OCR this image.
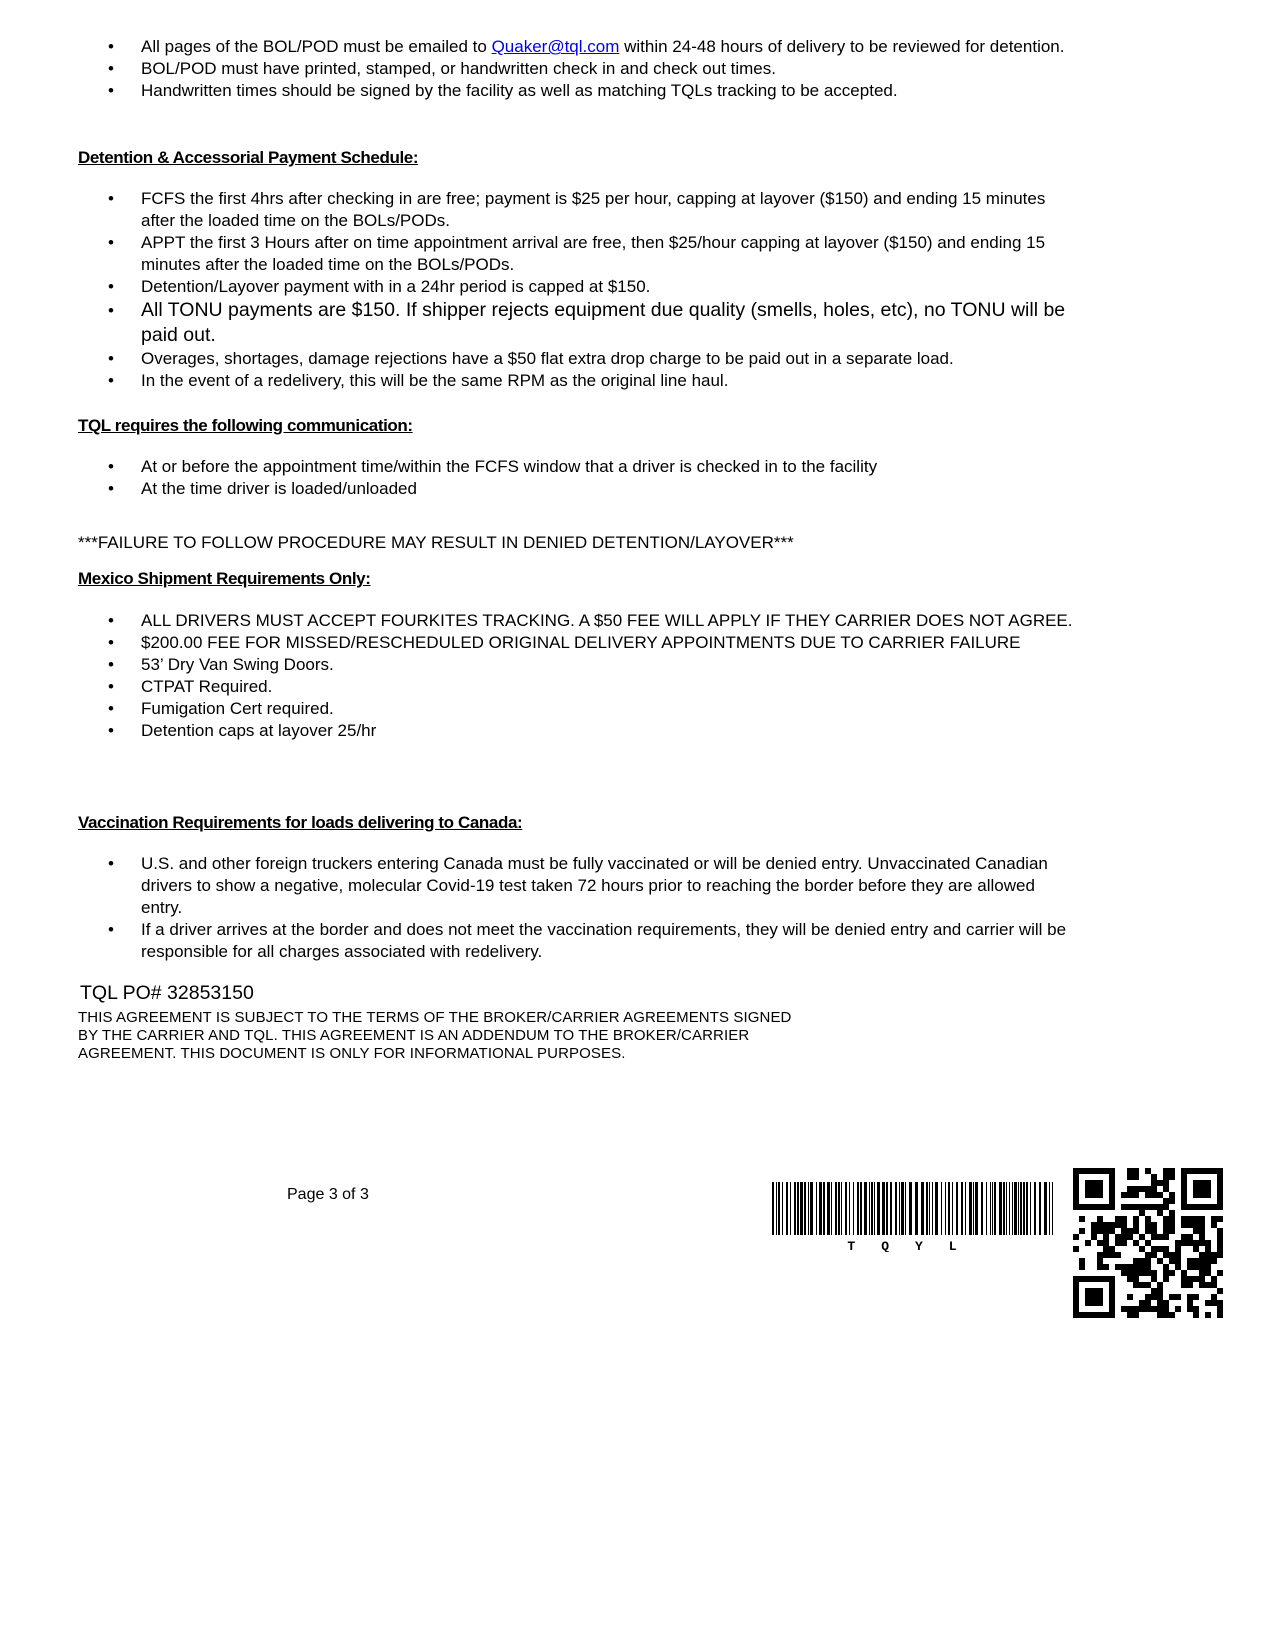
• All pages of the BOL/POD must be emailed to Quaker@tql.com within 24-48 hours of delivery to be reviewed for detention.
• BOL/POD must have printed, stamped, or handwritten check in and check out times.
• Handwritten times should be signed by the facility as well as matching TQLs tracking to be accepted.
Detention & Accessorial Payment Schedule:
• FCFS the first 4hrs after checking in are free; payment is $25 per hour, capping at layover ($150) and ending 15 minutes after the loaded time on the BOLs/PODs.
• APPT the first 3 Hours after on time appointment arrival are free, then $25/hour capping at layover ($150) and ending 15 minutes after the loaded time on the BOLs/PODs.
• Detention/Layover payment with in a 24hr period is capped at $150.
• All TONU payments are $150. If shipper rejects equipment due quality (smells, holes, etc), no TONU will be paid out.
• Overages, shortages, damage rejections have a $50 flat extra drop charge to be paid out in a separate load.
• In the event of a redelivery, this will be the same RPM as the original line haul.
TQL requires the following communication:
• At or before the appointment time/within the FCFS window that a driver is checked in to the facility
• At the time driver is loaded/unloaded
***FAILURE TO FOLLOW PROCEDURE MAY RESULT IN DENIED DETENTION/LAYOVER***
Mexico Shipment Requirements Only:
• ALL DRIVERS MUST ACCEPT FOURKITES TRACKING. A $50 FEE WILL APPLY IF THEY CARRIER DOES NOT AGREE.
• $200.00 FEE FOR MISSED/RESCHEDULED ORIGINAL DELIVERY APPOINTMENTS DUE TO CARRIER FAILURE
• 53’ Dry Van Swing Doors.
• CTPAT Required.
• Fumigation Cert required.
• Detention caps at layover 25/hr
Vaccination Requirements for loads delivering to Canada:
• U.S. and other foreign truckers entering Canada must be fully vaccinated or will be denied entry. Unvaccinated Canadian drivers to show a negative, molecular Covid-19 test taken 72 hours prior to reaching the border before they are allowed entry.
• If a driver arrives at the border and does not meet the vaccination requirements, they will be denied entry and carrier will be responsible for all charges associated with redelivery.
TQL PO# 32853150
THIS AGREEMENT IS SUBJECT TO THE TERMS OF THE BROKER/CARRIER AGREEMENTS SIGNED BY THE CARRIER AND TQL. THIS AGREEMENT IS AN ADDENDUM TO THE BROKER/CARRIER AGREEMENT. THIS DOCUMENT IS ONLY FOR INFORMATIONAL PURPOSES.
Page 3 of 3
TQYL
